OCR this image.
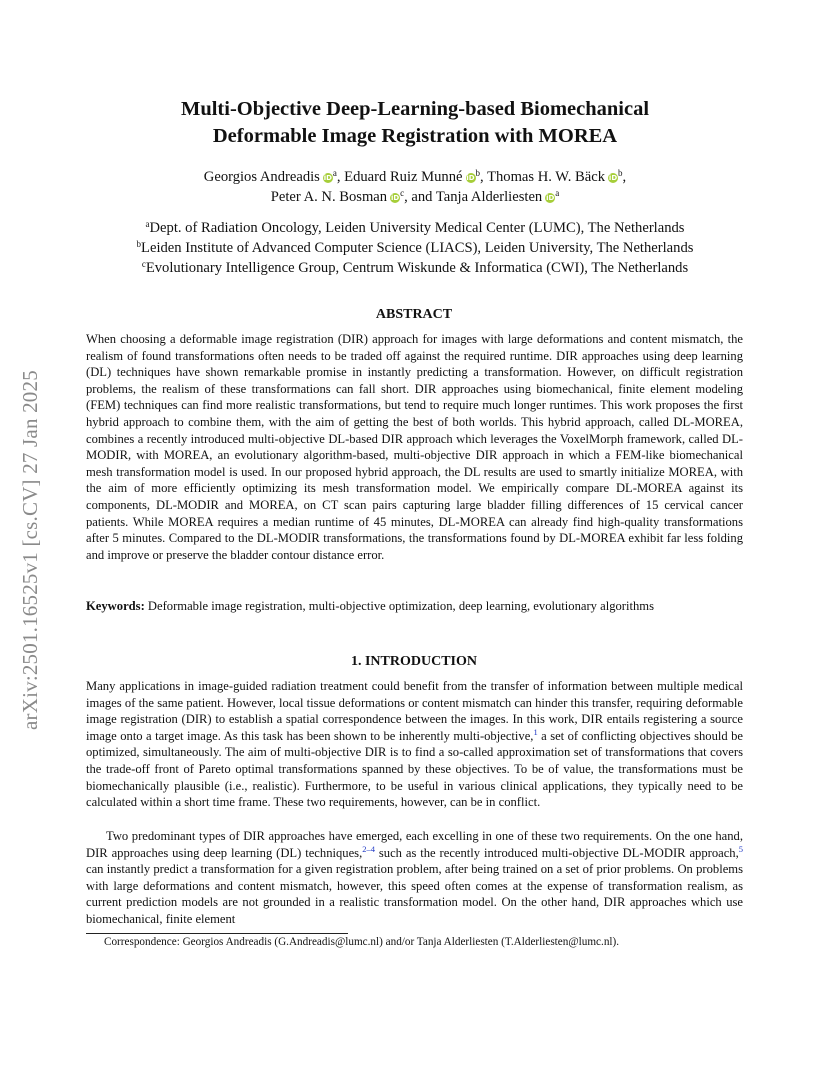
arXiv:2501.16525v1 [cs.CV] 27 Jan 2025
Multi-Objective Deep-Learning-based Biomechanical
Deformable Image Registration with MOREA
Georgios Andreadis $iD^a$, Eduard Ruiz Munné $iD^b$, Thomas H. W. Bäck $iD^b$,
Peter A. N. Bosman $iD^c$, and Tanja Alderliesten $iD^a$
$^a$Dept. of Radiation Oncology, Leiden University Medical Center (LUMC), The Netherlands
$^b$Leiden Institute of Advanced Computer Science (LIACS), Leiden University, The Netherlands
$^c$Evolutionary Intelligence Group, Centrum Wiskunde & Informatica (CWI), The Netherlands
ABSTRACT

When choosing a deformable image registration (DIR) approach for images with large deformations and content mismatch, the realism of found transformations often needs to be traded off against the required runtime. DIR approaches using deep learning (DL) techniques have shown remarkable promise in instantly predicting a transformation. However, on difficult registration problems, the realism of these transformations can fall short. DIR approaches using biomechanical, finite element modeling (FEM) techniques can find more realistic transformations, but tend to require much longer runtimes. This work proposes the first hybrid approach to combine them, with the aim of getting the best of both worlds. This hybrid approach, called DL-MOREA, combines a recently introduced multi-objective DL-based DIR approach which leverages the VoxelMorph framework, called DL-MODIR, with MOREA, an evolutionary algorithm-based, multi-objective DIR approach in which a FEM-like biomechanical mesh transformation model is used. In our proposed hybrid approach, the DL results are used to smartly initialize MOREA, with the aim of more efficiently optimizing its mesh transformation model. We empirically compare DL-MOREA against its components, DL-MODIR and MOREA, on CT scan pairs capturing large bladder filling differences of 15 cervical cancer patients. While MOREA requires a median runtime of 45 minutes, DL-MOREA can already find high-quality transformations after 5 minutes. Compared to the DL-MODIR transformations, the transformations found by DL-MOREA exhibit far less folding and improve or preserve the bladder contour distance error.

Keywords: Deformable image registration, multi-objective optimization, deep learning, evolutionary algorithms
1. INTRODUCTION

Many applications in image-guided radiation treatment could benefit from the transfer of information between multiple medical images of the same patient. However, local tissue deformations or content mismatch can hinder this transfer, requiring deformable image registration (DIR) to establish a spatial correspondence between the images. In this work, DIR entails registering a source image onto a target image. As this task has been shown to be inherently multi-objective,$^1$ a set of conflicting objectives should be optimized, simultaneously. The aim of multi-objective DIR is to find a so-called approximation set of transformations that covers the trade-off front of Pareto optimal transformations spanned by these objectives. To be of value, the transformations must be biomechanically plausible (i.e., realistic). Furthermore, to be useful in various clinical applications, they typically need to be calculated within a short time frame. These two requirements, however, can be in conflict.

Two predominant types of DIR approaches have emerged, each excelling in one of these two requirements. On the one hand, DIR approaches using deep learning (DL) techniques,$^{2-4}$ such as the recently introduced multi-objective DL-MODIR approach,$^5$ can instantly predict a transformation for a given registration problem, after being trained on a set of prior problems. On problems with large deformations and content mismatch, however, this speed often comes at the expense of transformation realism, as current prediction models are not grounded in a realistic transformation model. On the other hand, DIR approaches which use biomechanical, finite element

Correspondence: Georgios Andreadis (G.Andreadis@lumc.nl) and/or Tanja Alderliesten (T.Alderliesten@lumc.nl).
